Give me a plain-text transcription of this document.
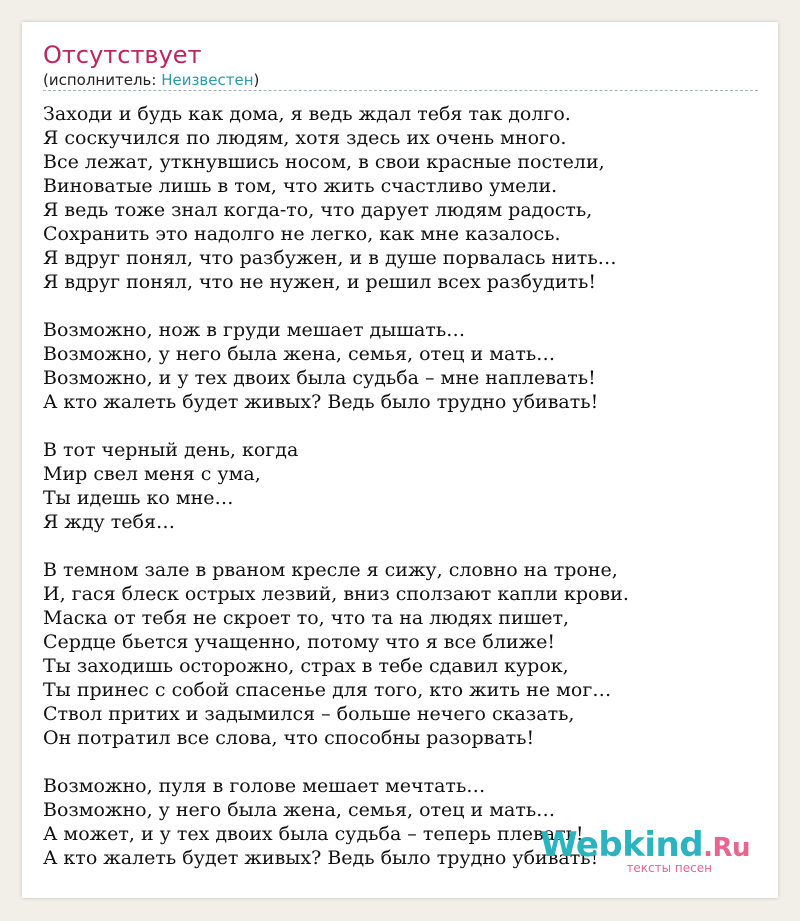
Отсутствует
(исполнитель: Неизвестен)

Заходи и будь как дома, я ведь ждал тебя так долго.
Я соскучился по людям, хотя здесь их очень много.
Все лежат, уткнувшись носом, в свои красные постели,
Виноватые лишь в том, что жить счастливо умели.
Я ведь тоже знал когда-то, что дарует людям радость,
Сохранить это надолго не легко, как мне казалось.
Я вдруг понял, что разбужен, и в душе порвалась нить…
Я вдруг понял, что не нужен, и решил всех разбудить!

Возможно, нож в груди мешает дышать…
Возможно, у него была жена, семья, отец и мать…
Возможно, и у тех двоих была судьба – мне наплевать!
А кто жалеть будет живых? Ведь было трудно убивать!

В тот черный день, когда
Мир свел меня с ума,
Ты идешь ко мне…
Я жду тебя…

В темном зале в рваном кресле я сижу, словно на троне,
И, гася блеск острых лезвий, вниз сползают капли крови.
Маска от тебя не скроет то, что та на людях пишет,
Сердце бьется учащенно, потому что я все ближе!
Ты заходишь осторожно, страх в тебе сдавил курок,
Ты принес с собой спасенье для того, кто жить не мог…
Ствол притих и задымился – больше нечего сказать,
Он потратил все слова, что способны разорвать!

Возможно, пуля в голове мешает мечтать…
Возможно, у него была жена, семья, отец и мать…
А может, и у тех двоих была судьба – теперь плевать!
А кто жалеть будет живых? Ведь было трудно убивать!

Webkind.Ru
тексты песен
